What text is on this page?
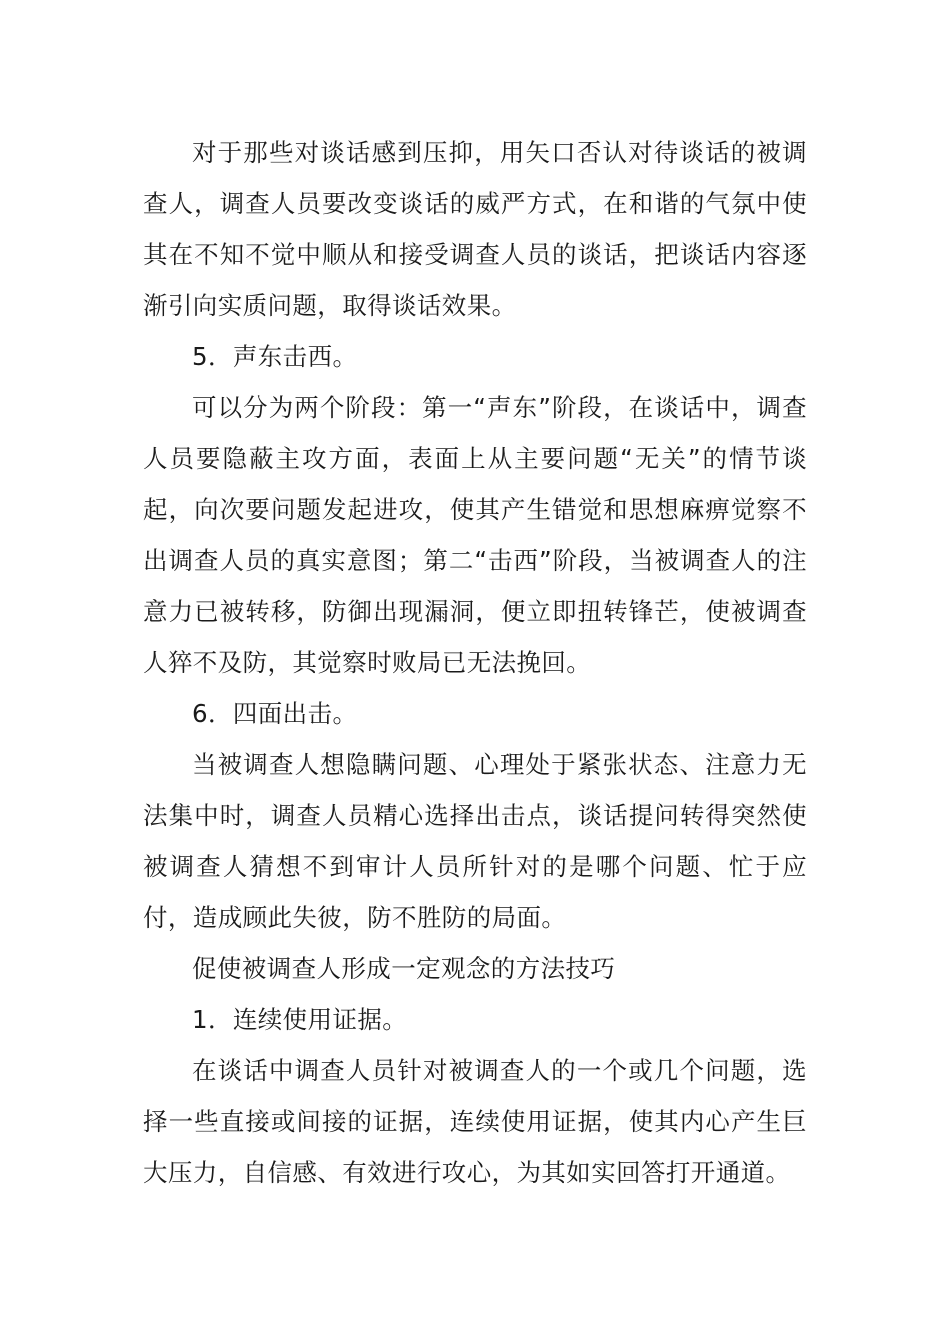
对于那些对谈话感到压抑，用矢口否认对待谈话的被调查人，调查人员要改变谈话的威严方式，在和谐的气氛中使其在不知不觉中顺从和接受调查人员的谈话，把谈话内容逐渐引向实质问题，取得谈话效果。

5．声东击西。

可以分为两个阶段：第一“声东”阶段，在谈话中，调查人员要隐蔽主攻方面，表面上从主要问题“无关”的情节谈起，向次要问题发起进攻，使其产生错觉和思想麻痹觉察不出调查人员的真实意图；第二“击西”阶段，当被调查人的注意力已被转移，防御出现漏洞，便立即扭转锋芒，使被调查人猝不及防，其觉察时败局已无法挽回。

6．四面出击。

当被调查人想隐瞒问题、心理处于紧张状态、注意力无法集中时，调查人员精心选择出击点，谈话提问转得突然使被调查人猜想不到审计人员所针对的是哪个问题、忙于应付，造成顾此失彼，防不胜防的局面。

促使被调查人形成一定观念的方法技巧

1．连续使用证据。

在谈话中调查人员针对被调查人的一个或几个问题，选择一些直接或间接的证据，连续使用证据，使其内心产生巨大压力，自信感、有效进行攻心，为其如实回答打开通道。
